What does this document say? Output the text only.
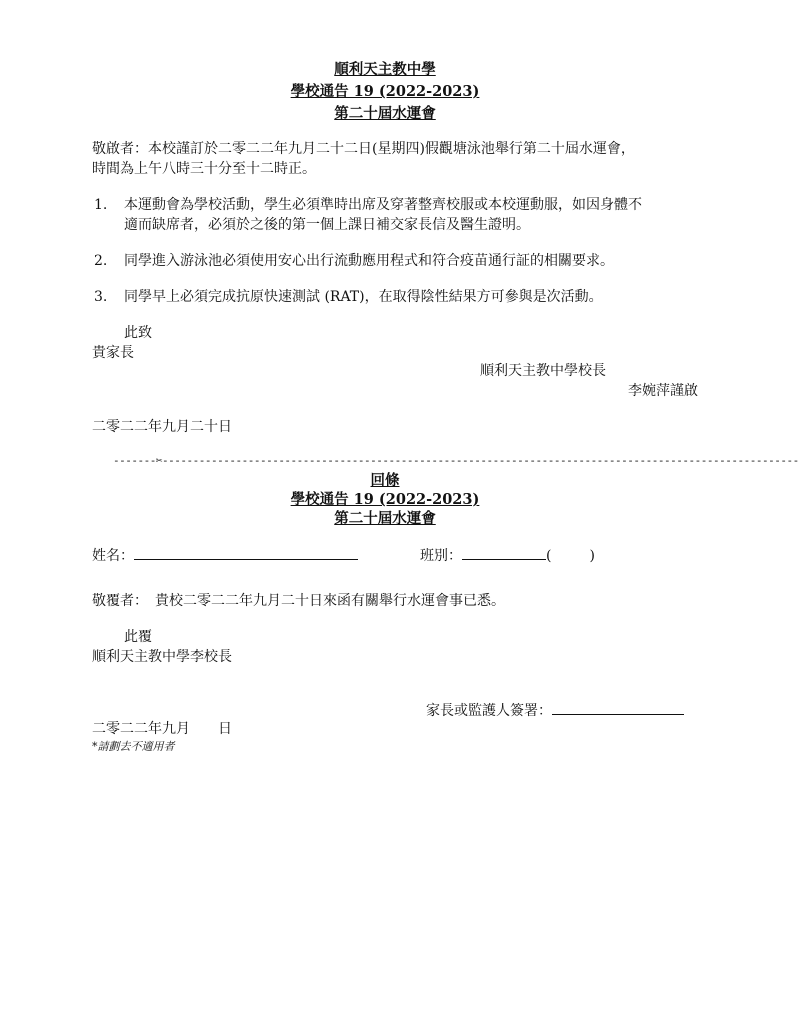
順利天主教中學
學校通告 19 (2022-2023)
第二十屆水運會
敬啟者：本校謹訂於二零二二年九月二十二日(星期四)假觀塘泳池舉行第二十屆水運會，
時間為上午八時三十分至十二時正。
1. 本運動會為學校活動，學生必須準時出席及穿著整齊校服或本校運動服，如因身體不
適而缺席者，必須於之後的第一個上課日補交家長信及醫生證明。
2. 同學進入游泳池必須使用安心出行流動應用程式和符合疫苗通行証的相關要求。
3. 同學早上必須完成抗原快速測試 (RAT)，在取得陰性結果方可參與是次活動。
此致
貴家長
順利天主教中學校長
李婉萍謹啟
二零二二年九月二十日
-------✂--------------------------------------------------------------------------------------------------------
回條
學校通告 19 (2022-2023)
第二十屆水運會
姓名：	班別：	(	)
敬覆者：　貴校二零二二年九月二十日來函有關舉行水運會事已悉。
此覆
順利天主教中學李校長
家長或監護人簽署：
二零二二年九月　　日
*請劃去不適用者
